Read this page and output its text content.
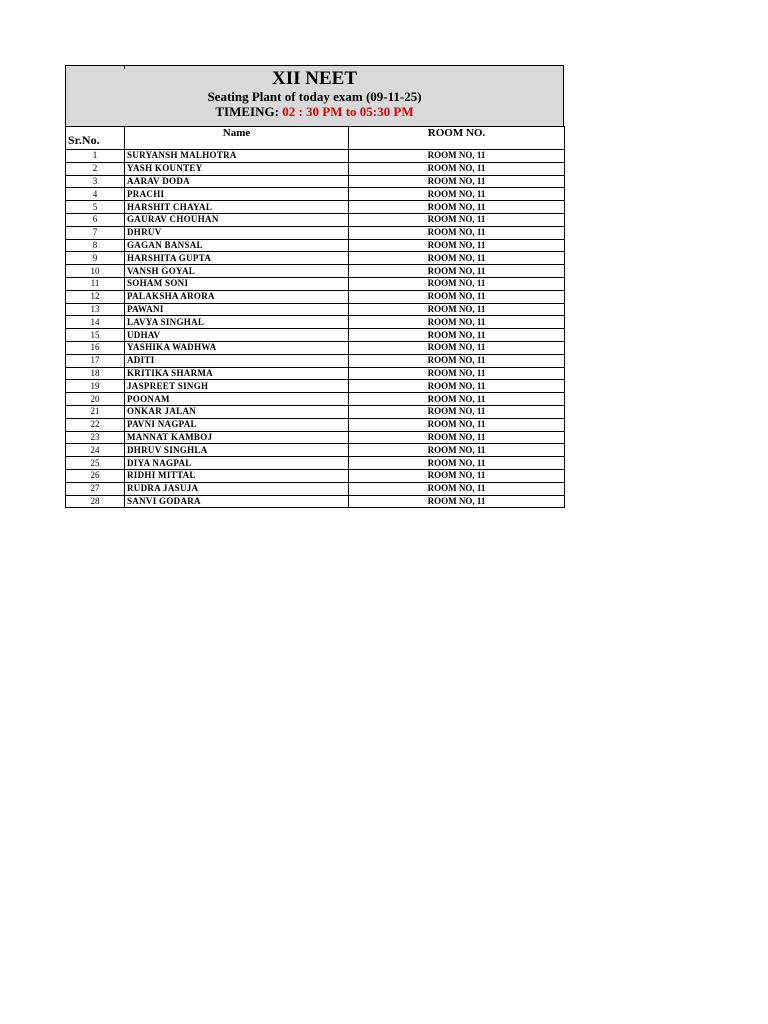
XII NEET
Seating Plant of today exam (09-11-25)
TIMEING: 02 : 30 PM to 05:30 PM
Sr.No.	Name	ROOM NO.
1	SURYANSH MALHOTRA	ROOM NO, 11
2	YASH KOUNTEY	ROOM NO, 11
3	AARAV DODA	ROOM NO, 11
4	PRACHI	ROOM NO, 11
5	HARSHIT CHAYAL	ROOM NO, 11
6	GAURAV CHOUHAN	ROOM NO, 11
7	DHRUV	ROOM NO, 11
8	GAGAN BANSAL	ROOM NO, 11
9	HARSHITA GUPTA	ROOM NO, 11
10	VANSH GOYAL	ROOM NO, 11
11	SOHAM SONI	ROOM NO, 11
12	PALAKSHA ARORA	ROOM NO, 11
13	PAWANI	ROOM NO, 11
14	LAVYA SINGHAL	ROOM NO, 11
15	UDHAV	ROOM NO, 11
16	YASHIKA WADHWA	ROOM NO, 11
17	ADITI	ROOM NO, 11
18	KRITIKA SHARMA	ROOM NO, 11
19	JASPREET SINGH	ROOM NO, 11
20	POONAM	ROOM NO, 11
21	ONKAR JALAN	ROOM NO, 11
22	PAVNI NAGPAL	ROOM NO, 11
23	MANNAT KAMBOJ	ROOM NO, 11
24	DHRUV SINGHLA	ROOM NO, 11
25	DIYA NAGPAL	ROOM NO, 11
26	RIDHI MITTAL	ROOM NO, 11
27	RUDRA JASUJA	ROOM NO, 11
28	SANVI GODARA	ROOM NO, 11
